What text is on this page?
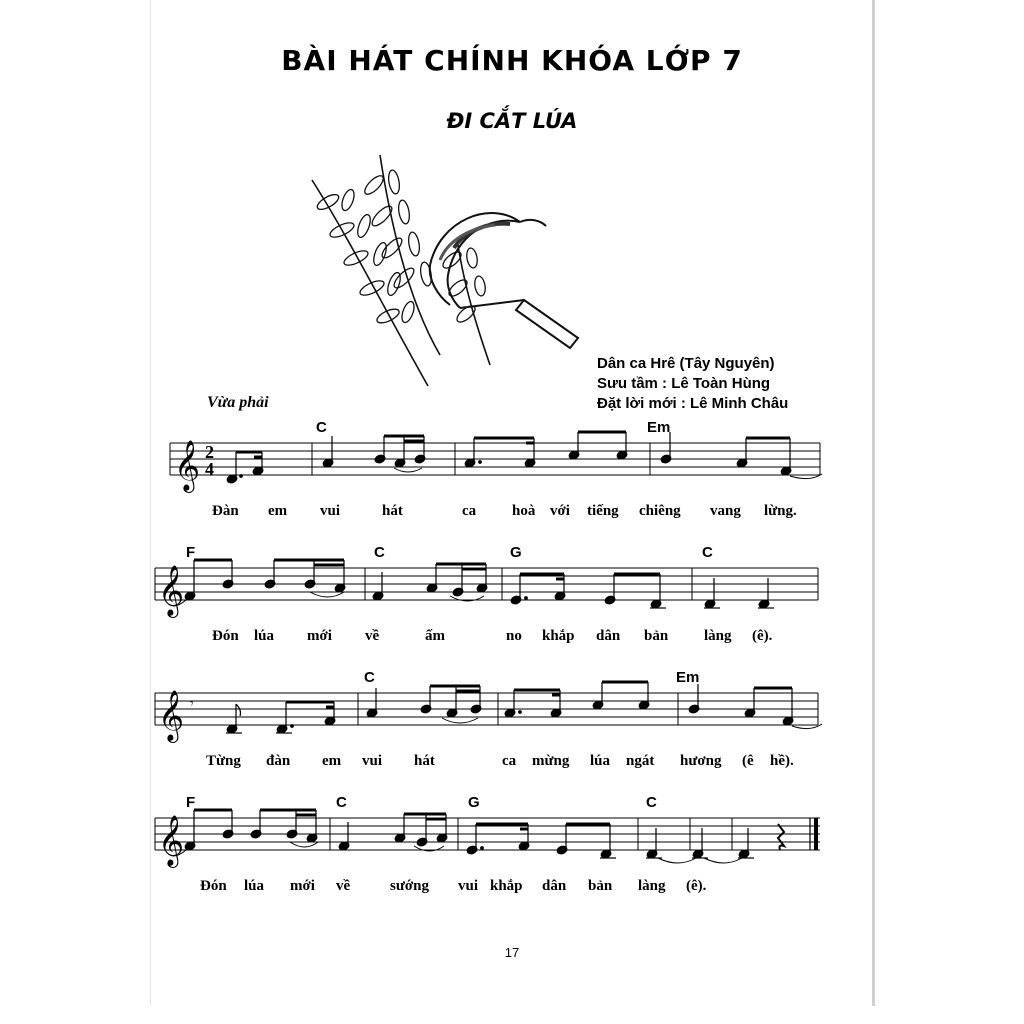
BÀI HÁT CHÍNH KHÓA LỚP 7
ĐI CẮT LÚA
Dân ca Hrê (Tây Nguyên)
Sưu tầm : Lê Toàn Hùng
Đặt lời mới : Lê Minh Châu
Vừa phải
𝄞 2
4
C	Em
Đàn em vui	hát	ca hoà với tiếng chiêng vang lừng.
𝄞
F	C	G	C
Đón lúa mới về	ấm	no khắp dân bản làng (ê).
𝄞 𝄾
C	Em
Từng đàn em vui hát	ca mừng lúa ngát hương (ê hề).
𝄞
F	C	G	C
Đón lúa mới về	sướng vui khắp dân bản làng (ê).
17
